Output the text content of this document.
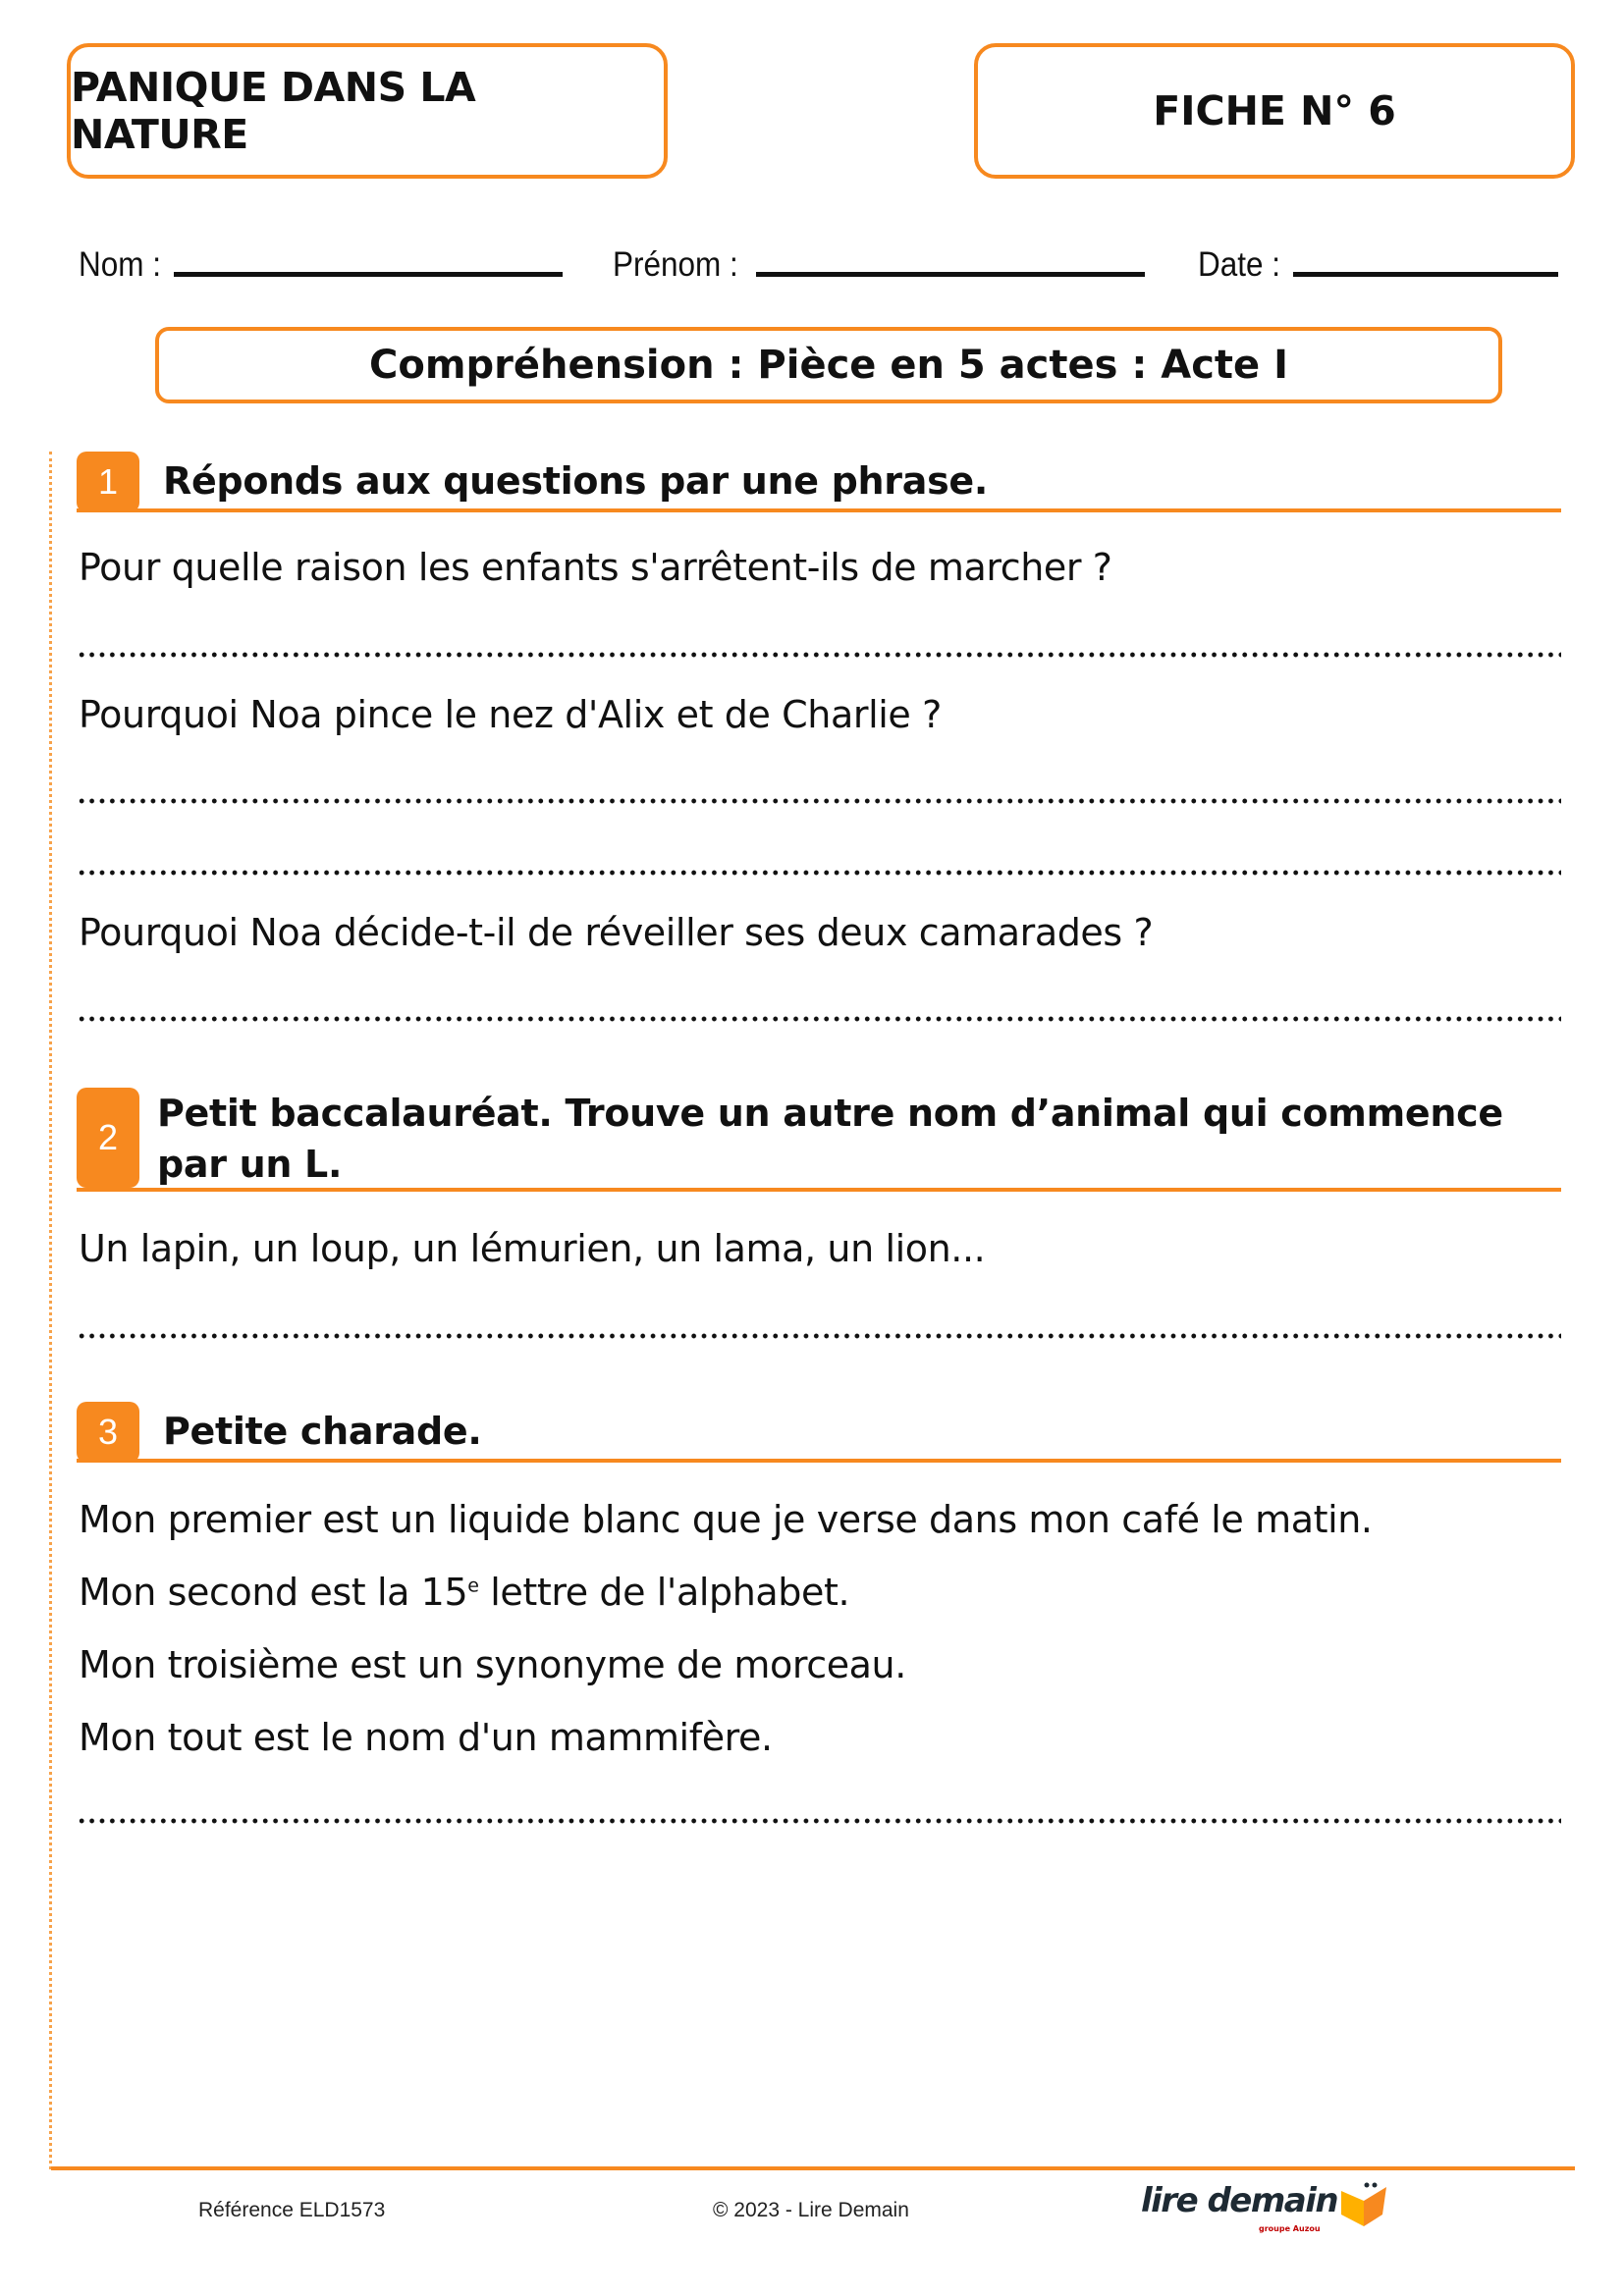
PANIQUE DANS LA NATURE	FICHE N° 6
Nom :	Prénom :	Date :
Compréhension : Pièce en 5 actes : Acte I
1	Réponds aux questions par une phrase.
Pour quelle raison les enfants s'arrêtent-ils de marcher ?
Pourquoi Noa pince le nez d'Alix et de Charlie ?
Pourquoi Noa décide-t-il de réveiller ses deux camarades ?
2
Petit baccalauréat. Trouve un autre nom d’animal qui commence
par un L.
Un lapin, un loup, un lémurien, un lama, un lion...
3	Petite charade.
Mon premier est un liquide blanc que je verse dans mon café le matin.
Mon second est la 15e lettre de l'alphabet.
Mon troisième est un synonyme de morceau.
Mon tout est le nom d'un mammifère.
Référence ELD1573	© 2023 - Lire Demain	lire demain
groupe Auzou
